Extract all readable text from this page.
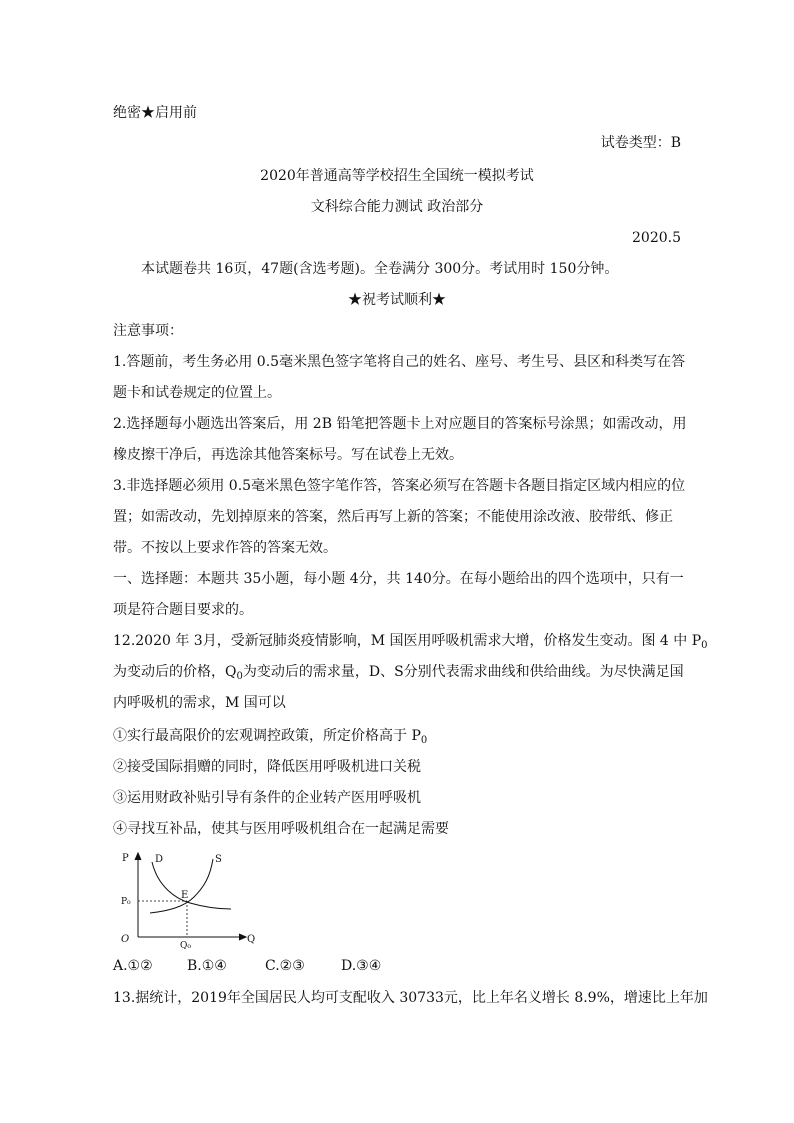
绝密★启用前
试卷类型：B
2020年普通高等学校招生全国统一模拟考试
文科综合能力测试 政治部分
2020.5
本试题卷共 16页，47题(含选考题)。全卷满分 300分。考试用时 150分钟。
★祝考试顺利★
注意事项：
1.答题前，考生务必用 0.5毫米黑色签字笔将自己的姓名、座号、考生号、县区和科类写在答
题卡和试卷规定的位置上。
2.选择题每小题选出答案后，用 2B 铅笔把答题卡上对应题目的答案标号涂黑；如需改动，用
橡皮擦干净后，再选涂其他答案标号。写在试卷上无效。
3.非选择题必须用 0.5毫米黑色签字笔作答，答案必须写在答题卡各题目指定区域内相应的位
置；如需改动，先划掉原来的答案，然后再写上新的答案；不能使用涂改液、胶带纸、修正
带。不按以上要求作答的答案无效。
一、选择题：本题共 35小题，每小题 4分，共 140分。在每小题给出的四个选项中，只有一
项是符合题目要求的。
12.2020 年 3月，受新冠肺炎疫情影响，M 国医用呼吸机需求大增，价格发生变动。图 4 中 $P_0$
为变动后的价格，$Q_0$为变动后的需求量，D、S分别代表需求曲线和供给曲线。为尽快满足国
内呼吸机的需求，M 国可以
①实行最高限价的宏观调控政策，所定价格高于 $P_0$
②接受国际捐赠的同时，降低医用呼吸机进口关税
③运用财政补贴引导有条件的企业转产医用呼吸机
④寻找互补品，使其与医用呼吸机组合在一起满足需要
P	D	S
E
P₀
O
Q₀
Q
A.①② B.①④	C.②③	D.③④
13.据统计，2019年全国居民人均可支配收入 30733元，比上年名义增长 8.9%，增速比上年加
